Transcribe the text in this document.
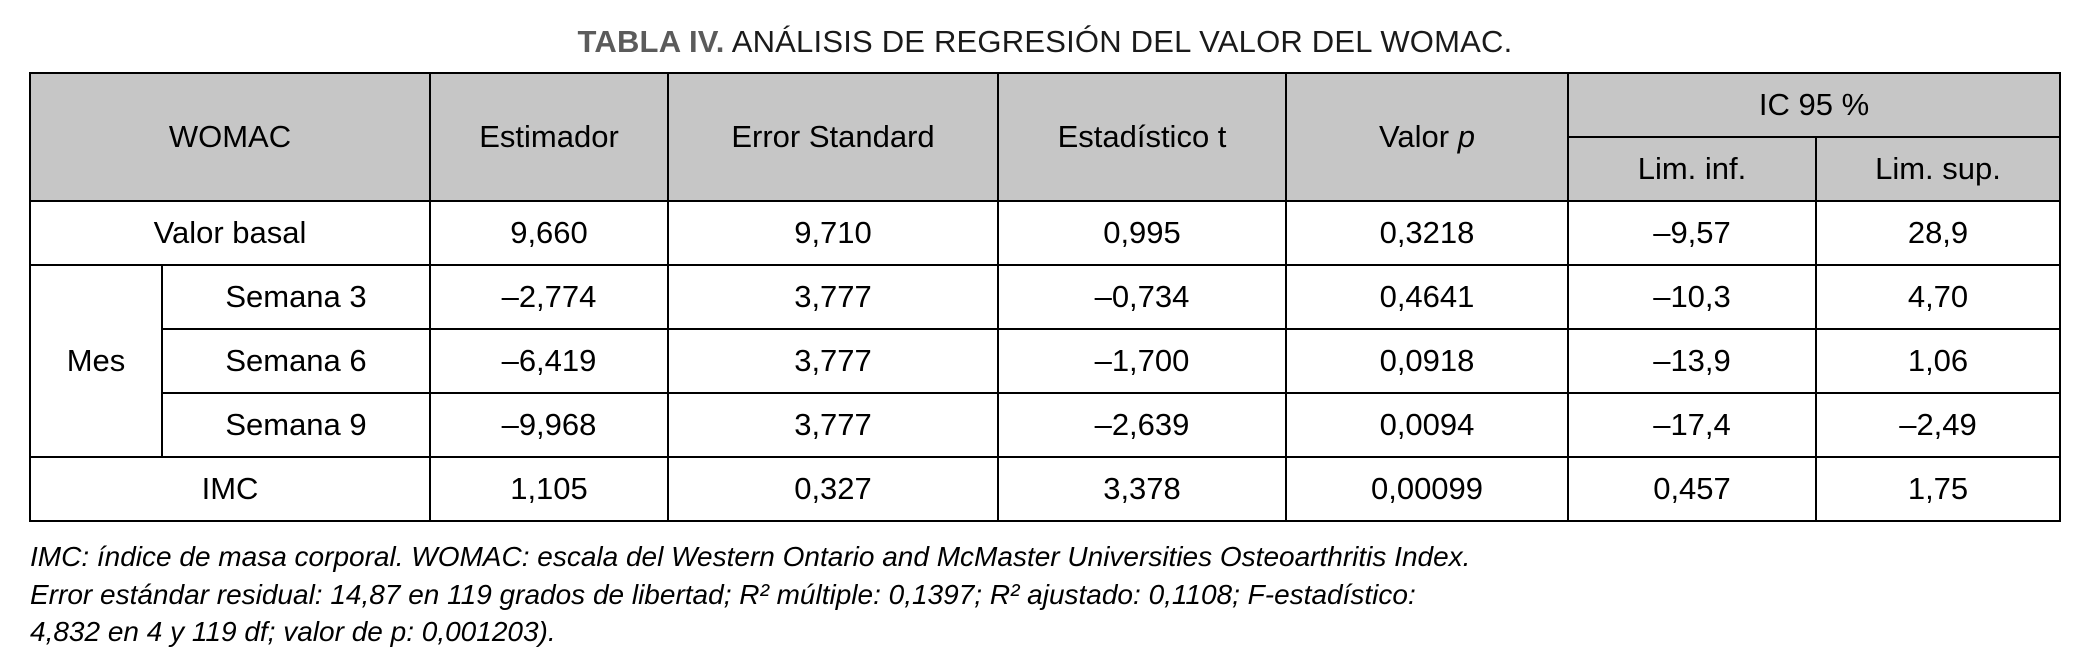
TABLA IV. ANÁLISIS DE REGRESIÓN DEL VALOR DEL WOMAC.
WOMAC		Estimador	Error Standard	Estadístico t	Valor p	IC 95 %	
						Lim. inf.	Lim. sup.
Valor basal		9,660	9,710	0,995	0,3218	–9,57	28,9
Mes	Semana 3	–2,774	3,777	–0,734	0,4641	–10,3	4,70
	Semana 6	–6,419	3,777	–1,700	0,0918	–13,9	1,06
	Semana 9	–9,968	3,777	–2,639	0,0094	–17,4	–2,49
IMC		1,105	0,327	3,378	0,00099	0,457	1,75
IMC: índice de masa corporal. WOMAC: escala del Western Ontario and McMaster Universities Osteoarthritis Index.
Error estándar residual: 14,87 en 119 grados de libertad; R² múltiple: 0,1397; R² ajustado: 0,1108; F-estadístico:
4,832 en 4 y 119 df; valor de p: 0,001203).
